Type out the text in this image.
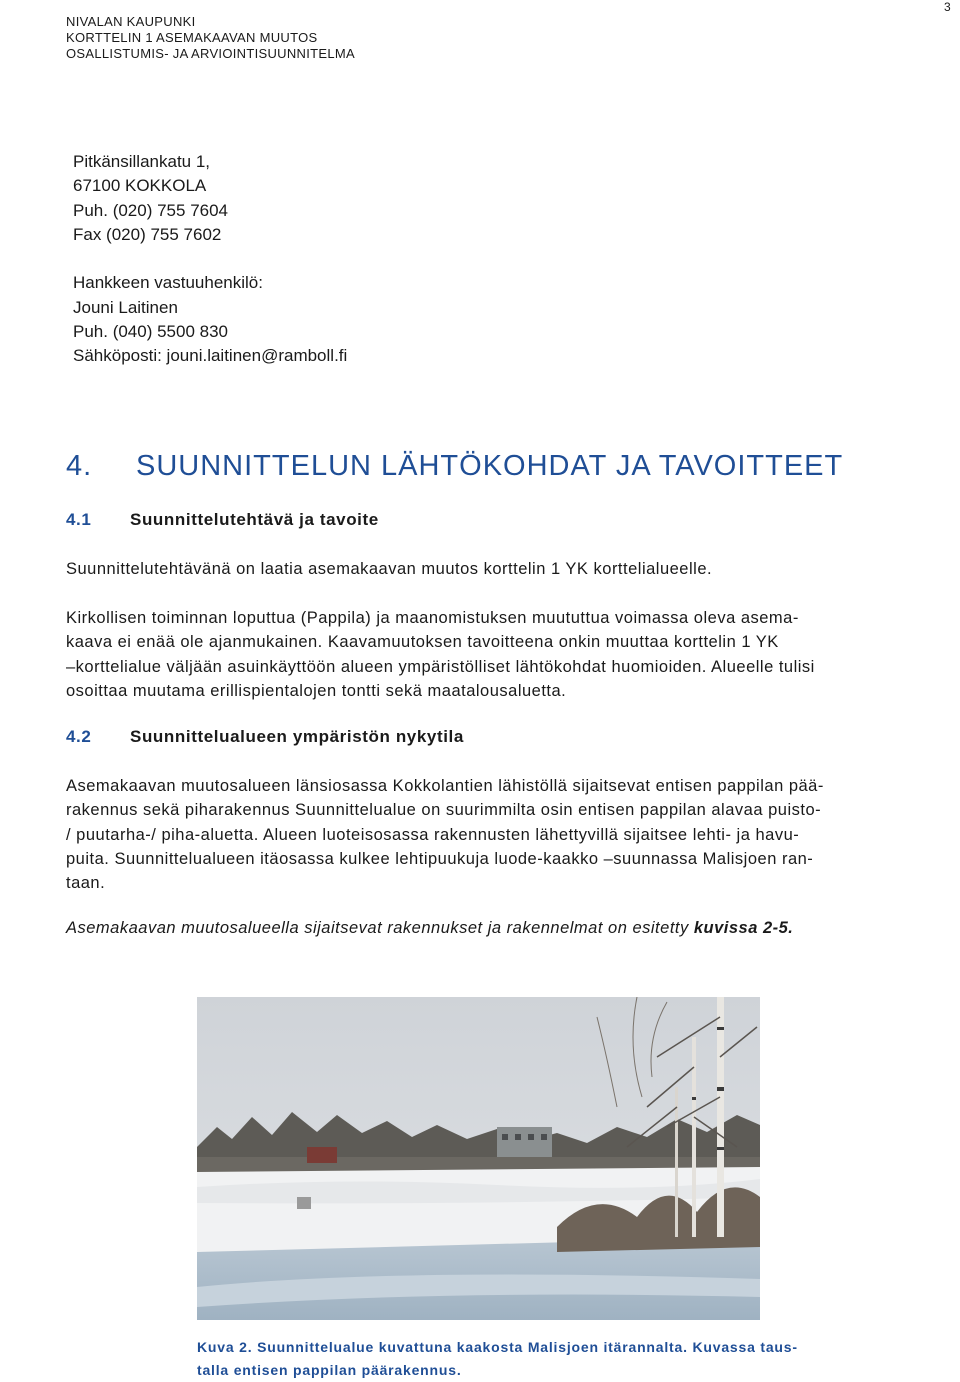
3
NIVALAN KAUPUNKI
KORTTELIN 1 ASEMAKAAVAN MUUTOS
OSALLISTUMIS- JA ARVIOINTISUUNNITELMA
Pitkänsillankatu 1,
67100 KOKKOLA
Puh. (020) 755 7604
Fax (020) 755 7602
Hankkeen vastuuhenkilö:
Jouni Laitinen
Puh. (040) 5500 830
Sähköposti: jouni.laitinen@ramboll.fi
4. SUUNNITTELUN LÄHTÖKOHDAT JA TAVOITTEET
4.1 Suunnittelutehtävä ja tavoite
Suunnittelutehtävänä on laatia asemakaavan muutos korttelin 1 YK korttelialueelle.
Kirkollisen toiminnan loputtua (Pappila) ja maanomistuksen muututtua voimassa oleva asema-
kaava ei enää ole ajanmukainen. Kaavamuutoksen tavoitteena onkin muuttaa korttelin 1 YK
–korttelialue väljään asuinkäyttöön alueen ympäristölliset lähtökohdat huomioiden. Alueelle tulisi
osoittaa muutama erillispientalojen tontti sekä maatalousaluetta.
4.2 Suunnittelualueen ympäristön nykytila
Asemakaavan muutosalueen länsiosassa Kokkolantien lähistöllä sijaitsevat entisen pappilan pää-
rakennus sekä piharakennus Suunnittelualue on suurimmilta osin entisen pappilan alavaa puisto-
/ puutarha-/ piha-aluetta. Alueen luoteisosassa rakennusten lähettyvillä sijaitsee lehti- ja havu-
puita. Suunnittelualueen itäosassa kulkee lehtipuukuja luode-kaakko –suunnassa Malisjoen ran-
taan.
Asemakaavan muutosalueella sijaitsevat rakennukset ja rakennelmat on esitetty kuvissa 2-5.
Kuva 2. Suunnittelualue kuvattuna kaakosta Malisjoen itärannalta. Kuvassa taus-
talla entisen pappilan päärakennus.
